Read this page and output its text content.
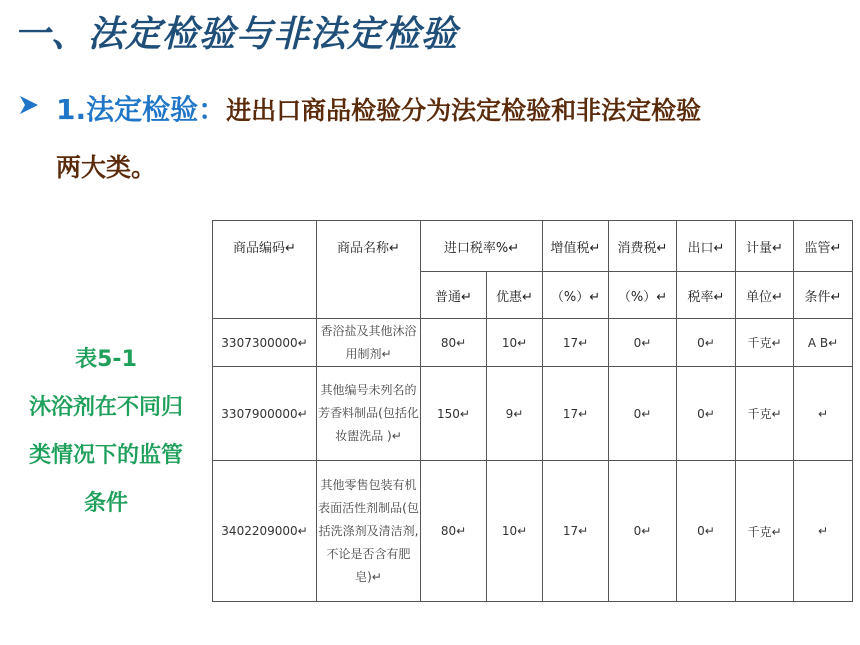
一、法定检验与非法定检验
1.法定检验：进出口商品检验分为法定检验和非法定检验
两大类。
表5-1
沐浴剂在不同归
类情况下的监管
条件
商品编码↵	商品名称↵	进口税率%↵		增值税↵	消费税↵	出口↵	计量↵	监管↵
		普通↵	优惠↵	（%）↵	（%）↵	税率↵	单位↵	条件↵
3307300000↵	香浴盐及其他沐浴用制剂↵	80↵	10↵	17↵	0↵	0↵	千克↵	A B↵
3307900000↵	其他编号未列名的芳香料制品(包括化妆盥洗品 )↵	150↵	9↵	17↵	0↵	0↵	千克↵	↵
3402209000↵	其他零售包装有机表面活性剂制品(包括洗涤剂及清洁剂,不论是否含有肥皂)↵	80↵	10↵	17↵	0↵	0↵	千克↵	↵
